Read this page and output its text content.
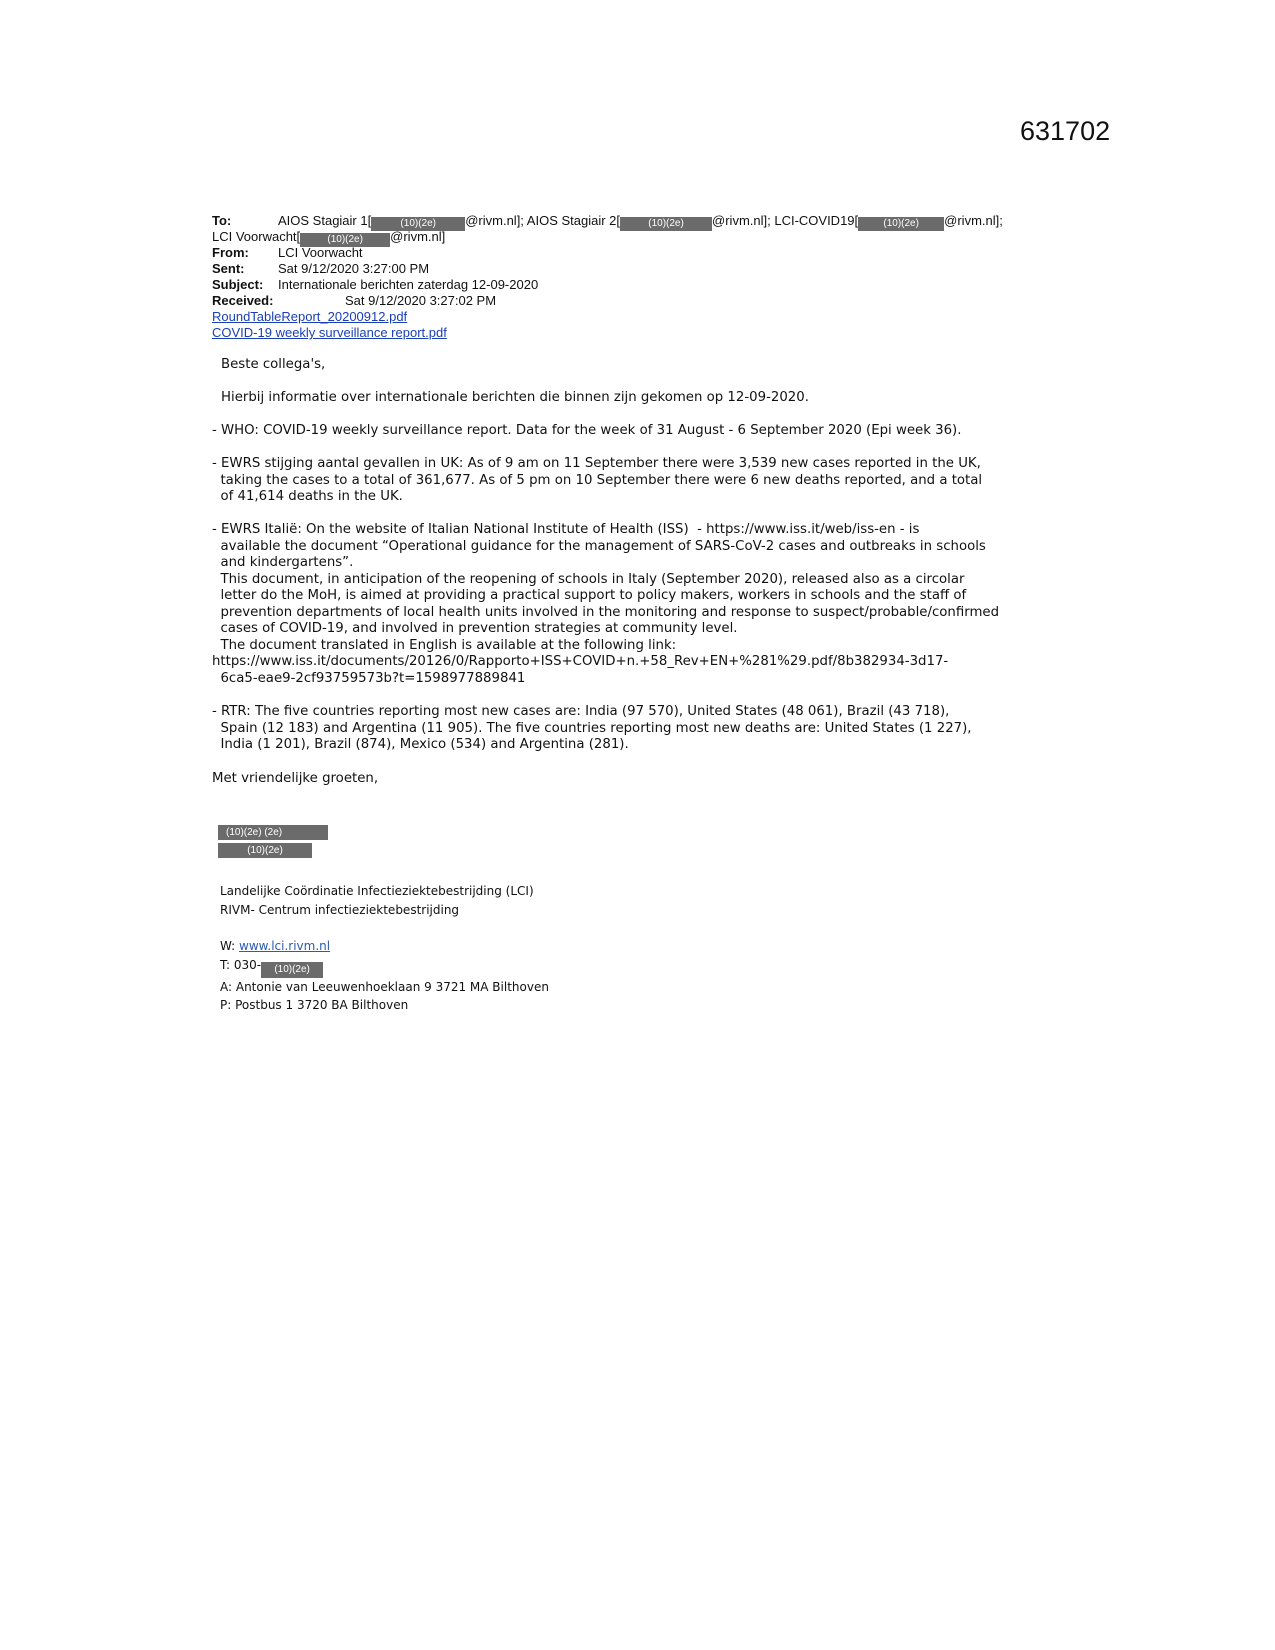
631702
To:	AIOS Stagiair 1[	(10)(2e) @rivm.nl]; AIOS Stagiair 2[	(10)(2e) @rivm.nl]; LCI-COVID19[	(10)(2e) @rivm.nl];
LCI Voorwacht[	(10)(2e) @rivm.nl]
From: LCI Voorwacht
Sent:	Sat 9/12/2020 3:27:00 PM
Subject: Internationale berichten zaterdag 12-09-2020
Received:	Sat 9/12/2020 3:27:02 PM
RoundTableReport_20200912.pdf
COVID-19 weekly surveillance report.pdf
Beste collega's,
Hierbij informatie over internationale berichten die binnen zijn gekomen op 12-09-2020.
- WHO: COVID-19 weekly surveillance report. Data for the week of 31 August - 6 September 2020 (Epi week 36).
- EWRS stijging aantal gevallen in UK: As of 9 am on 11 September there were 3,539 new cases reported in the UK,
taking the cases to a total of 361,677. As of 5 pm on 10 September there were 6 new deaths reported, and a total
of 41,614 deaths in the UK.
- EWRS Italië: On the website of Italian National Institute of Health (ISS)  - https://www.iss.it/web/iss-en - is
available the document “Operational guidance for the management of SARS-CoV-2 cases and outbreaks in schools
and kindergartens”.
This document, in anticipation of the reopening of schools in Italy (September 2020), released also as a circolar
letter do the MoH, is aimed at providing a practical support to policy makers, workers in schools and the staff of
prevention departments of local health units involved in the monitoring and response to suspect/probable/confirmed
cases of COVID-19, and involved in prevention strategies at community level.
The document translated in English is available at the following link:
https://www.iss.it/documents/20126/0/Rapporto+ISS+COVID+n.+58_Rev+EN+%281%29.pdf/8b382934-3d17-
6ca5-eae9-2cf93759573b?t=1598977889841
- RTR: The five countries reporting most new cases are: India (97 570), United States (48 061), Brazil (43 718),
Spain (12 183) and Argentina (11 905). The five countries reporting most new deaths are: United States (1 227),
India (1 201), Brazil (874), Mexico (534) and Argentina (281).
Met vriendelijke groeten,
(10)(2e) (2e)
(10)(2e)
Landelijke Coördinatie Infectieziektebestrijding (LCI)
RIVM- Centrum infectieziektebestrijding
W: www.lci.rivm.nl
T: 030- (10)(2e)
A: Antonie van Leeuwenhoeklaan 9 3721 MA Bilthoven
P: Postbus 1 3720 BA Bilthoven
